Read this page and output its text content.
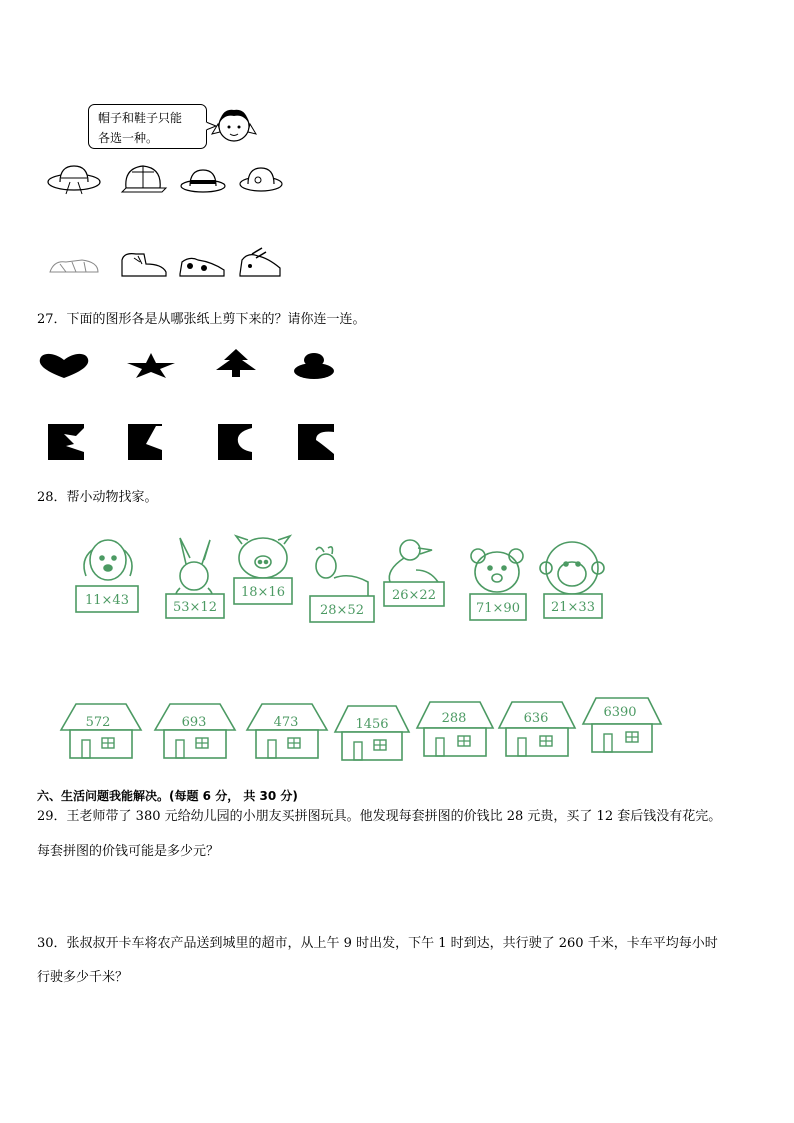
帽子和鞋子只能
各选一种。
27．下面的图形各是从哪张纸上剪下来的？请你连一连。
28．帮小动物找家。
11×43	53×12
18×16
28×52
26×22
71×90 21×33
572	693	473	1456	288	636	6390
六、生活问题我能解决。(每题 6 分， 共 30 分)
29．王老师带了 380 元给幼儿园的小朋友买拼图玩具。他发现每套拼图的价钱比 28 元贵，买了 12 套后钱没有花完。
每套拼图的价钱可能是多少元？
30．张叔叔开卡车将农产品送到城里的超市，从上午 9 时出发，下午 1 时到达，共行驶了 260 千米，卡车平均每小时
行驶多少千米？
